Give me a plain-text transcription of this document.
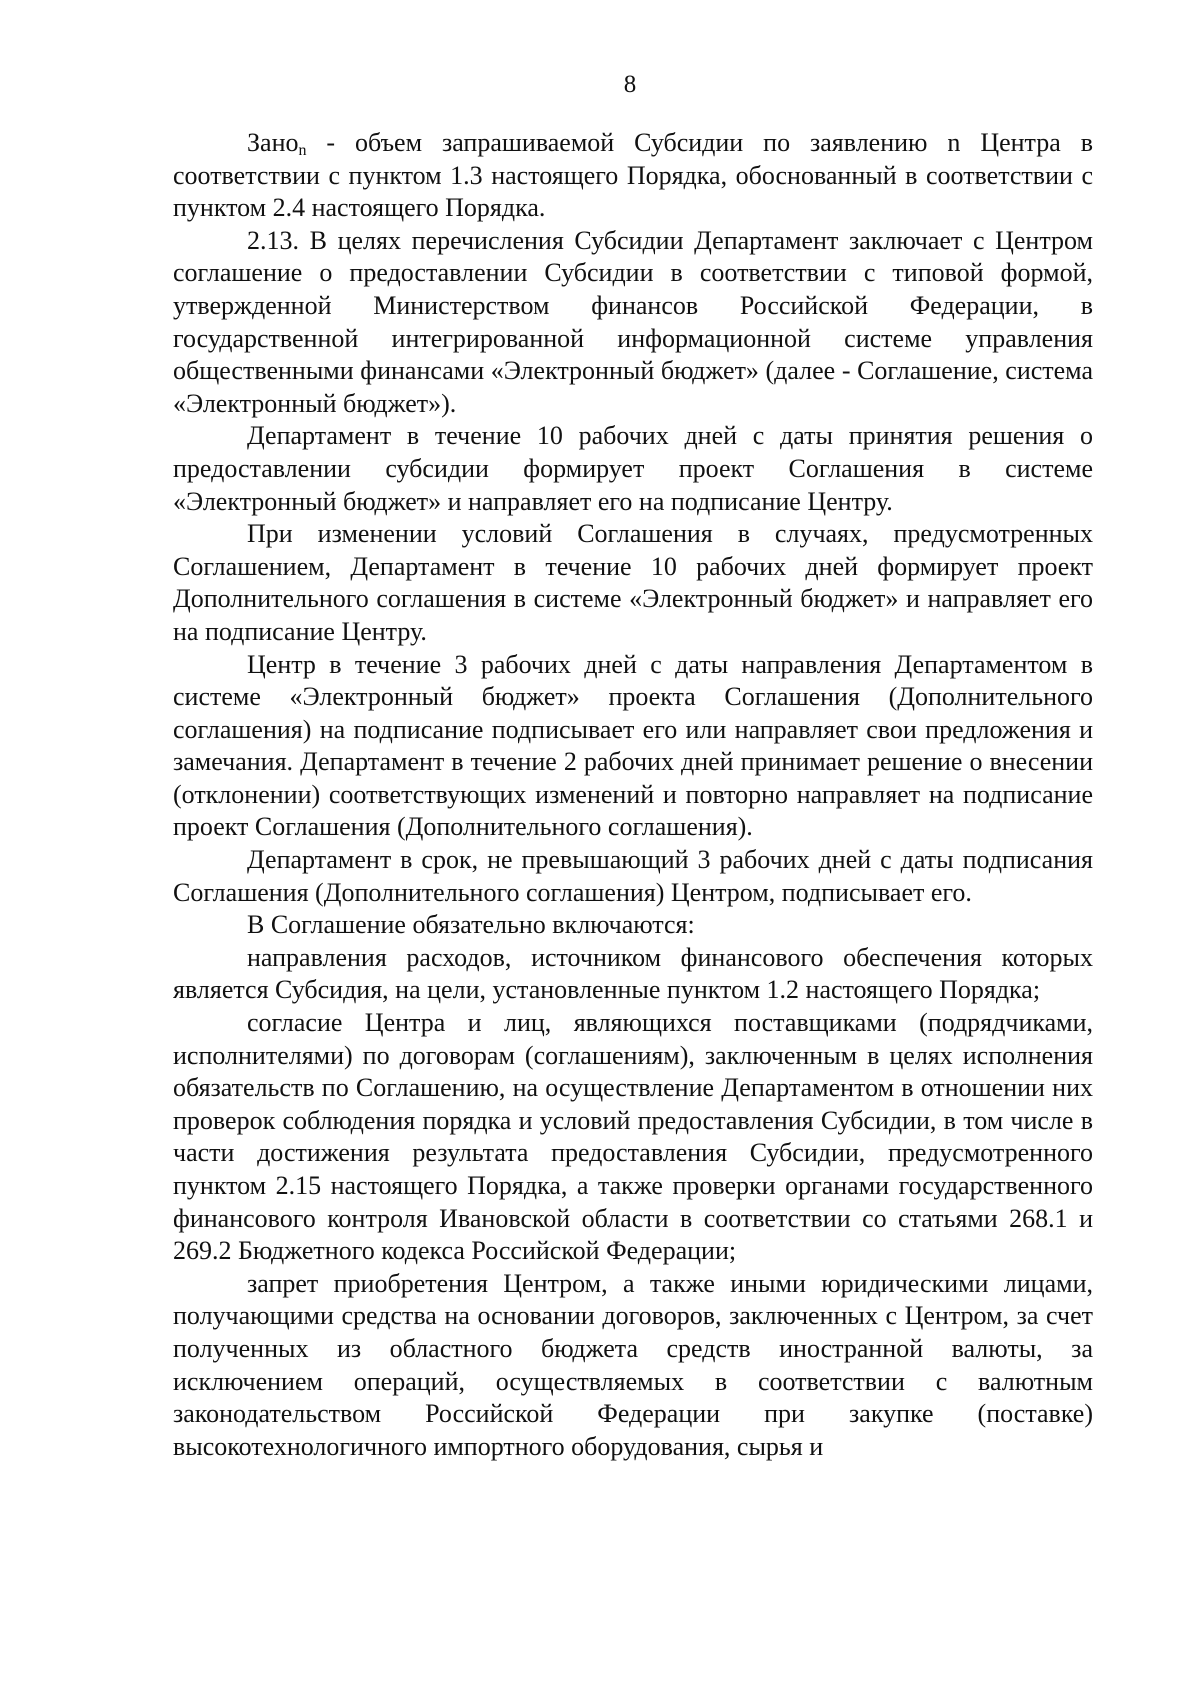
8

Зано$_n$ - объем запрашиваемой Субсидии по заявлению n Центра в соответствии с пунктом 1.3 настоящего Порядка, обоснованный в соответствии с пунктом 2.4 настоящего Порядка.

2.13. В целях перечисления Субсидии Департамент заключает с Центром соглашение о предоставлении Субсидии в соответствии с типовой формой, утвержденной Министерством финансов Российской Федерации, в государственной интегрированной информационной системе управления общественными финансами «Электронный бюджет» (далее - Соглашение, система «Электронный бюджет»).

Департамент в течение 10 рабочих дней с даты принятия решения о предоставлении субсидии формирует проект Соглашения в системе «Электронный бюджет» и направляет его на подписание Центру.

При изменении условий Соглашения в случаях, предусмотренных Соглашением, Департамент в течение 10 рабочих дней формирует проект Дополнительного соглашения в системе «Электронный бюджет» и направляет его на подписание Центру.

Центр в течение 3 рабочих дней с даты направления Департаментом в системе «Электронный бюджет» проекта Соглашения (Дополнительного соглашения) на подписание подписывает его или направляет свои предложения и замечания. Департамент в течение 2 рабочих дней принимает решение о внесении (отклонении) соответствующих изменений и повторно направляет на подписание проект Соглашения (Дополнительного соглашения).

Департамент в срок, не превышающий 3 рабочих дней с даты подписания Соглашения (Дополнительного соглашения) Центром, подписывает его.

В Соглашение обязательно включаются:

направления расходов, источником финансового обеспечения которых является Субсидия, на цели, установленные пунктом 1.2 настоящего Порядка;

согласие Центра и лиц, являющихся поставщиками (подрядчиками, исполнителями) по договорам (соглашениям), заключенным в целях исполнения обязательств по Соглашению, на осуществление Департаментом в отношении них проверок соблюдения порядка и условий предоставления Субсидии, в том числе в части достижения результата предоставления Субсидии, предусмотренного пунктом 2.15 настоящего Порядка, а также проверки органами государственного финансового контроля Ивановской области в соответствии со статьями 268.1 и 269.2 Бюджетного кодекса Российской Федерации;

запрет приобретения Центром, а также иными юридическими лицами, получающими средства на основании договоров, заключенных с Центром, за счет полученных из областного бюджета средств иностранной валюты, за исключением операций, осуществляемых в соответствии с валютным законодательством Российской Федерации при закупке (поставке) высокотехнологичного импортного оборудования, сырья и
